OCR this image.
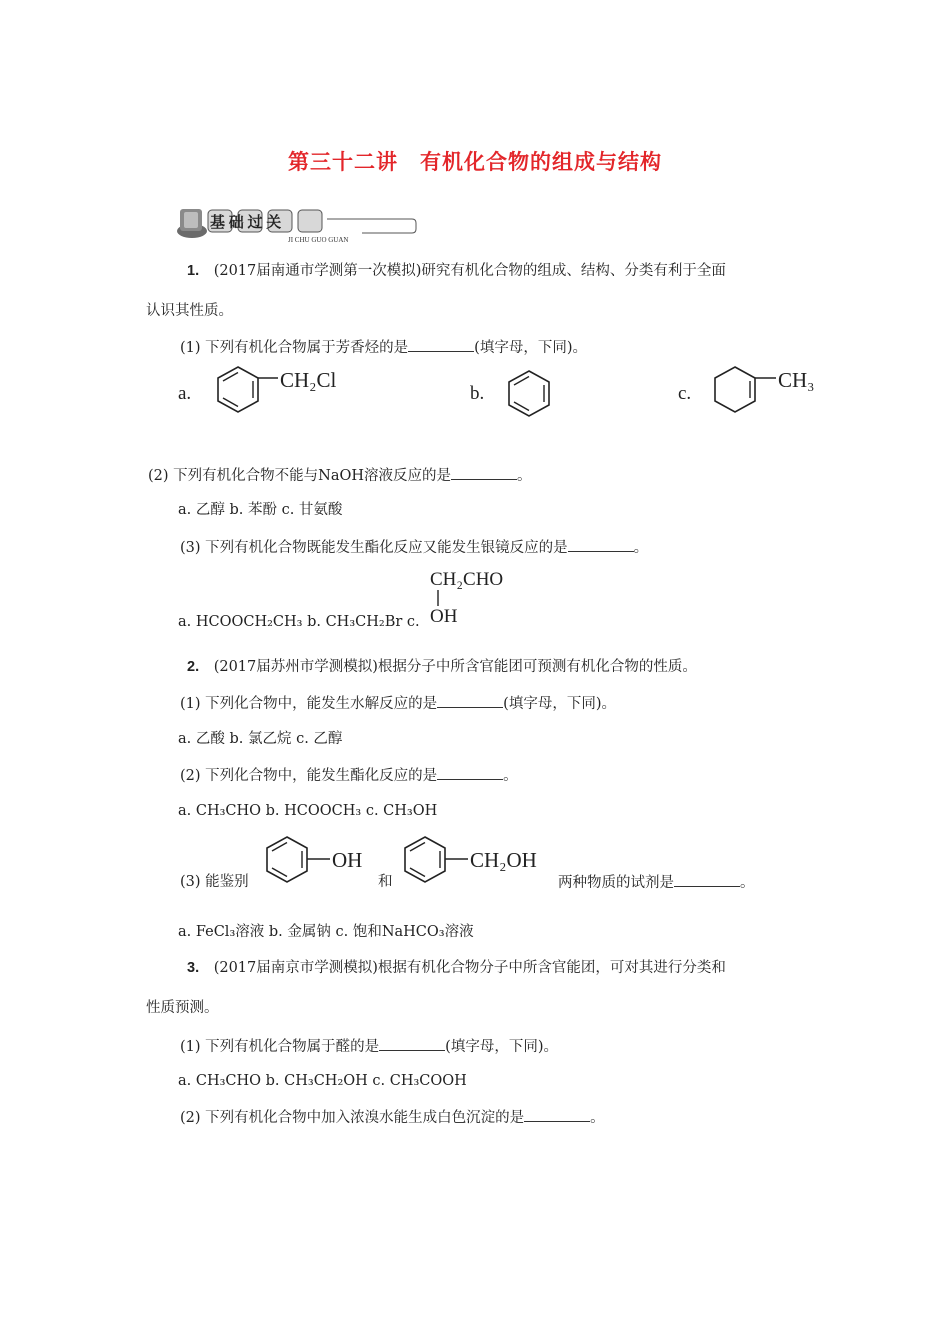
第三十二讲　有机化合物的组成与结构
基 础 过 关
JI CHU GUO GUAN
1. (2017届南通市学测第一次模拟)研究有机化合物的组成、结构、分类有利于全面
认识其性质。
(1) 下列有机化合物属于芳香烃的是	(填字母，下同)。
a.
CH₂Cl
b.	c.
CH₃
(2) 下列有机化合物不能与NaOH溶液反应的是	。
a. 乙醇 b. 苯酚 c. 甘氨酸
(3) 下列有机化合物既能发生酯化反应又能发生银镜反应的是	。
CH₂CHO
OH
a. HCOOCH₂CH₃ b. CH₃CH₂Br c.
2. (2017届苏州市学测模拟)根据分子中所含官能团可预测有机化合物的性质。
(1) 下列化合物中，能发生水解反应的是	(填字母，下同)。
a. 乙酸 b. 氯乙烷 c. 乙醇
(2) 下列化合物中，能发生酯化反应的是	。
a. CH₃CHO b. HCOOCH₃ c. CH₃OH
(3) 能鉴别
OH
和
CH₂OH
两种物质的试剂是	。
a. FeCl₃溶液 b. 金属钠 c. 饱和NaHCO₃溶液
3. (2017届南京市学测模拟)根据有机化合物分子中所含官能团，可对其进行分类和
性质预测。
(1) 下列有机化合物属于醛的是	(填字母，下同)。
a. CH₃CHO b. CH₃CH₂OH c. CH₃COOH
(2) 下列有机化合物中加入浓溴水能生成白色沉淀的是	。
